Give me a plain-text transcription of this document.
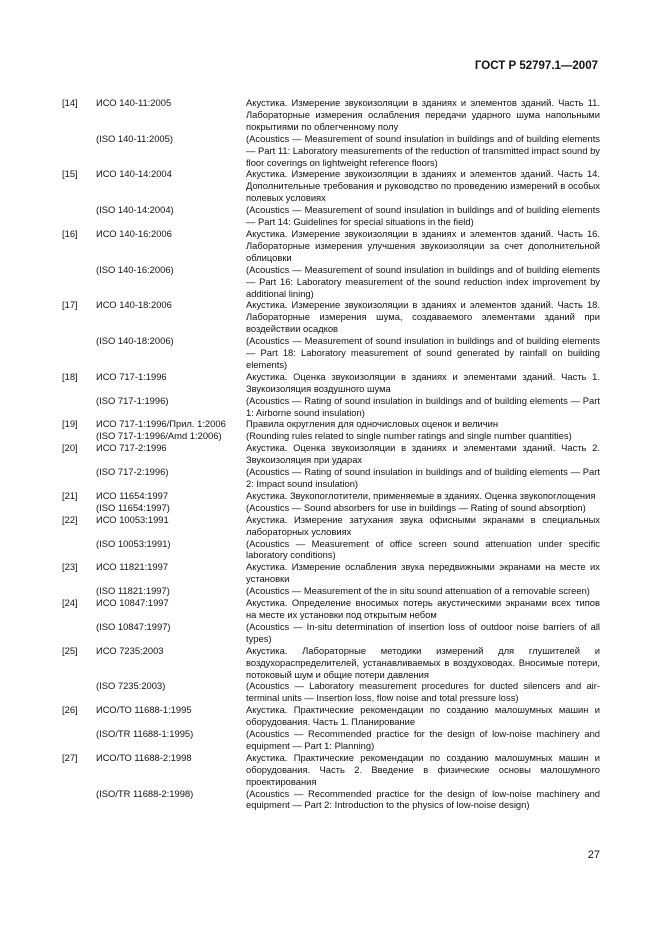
ГОСТ Р 52797.1—2007
[14]	ИСО 140-11:2005	Акустика. Измерение звукоизоляции в зданиях и элементов зданий. Часть 11. Лабораторные измерения ослабления передачи ударного шума напольными покрытиями по облегченному полу
(ISO 140-11:2005)	(Acoustics — Measurement of sound insulation in buildings and of building elements — Part 11: Laboratory measurements of the reduction of transmitted impact sound by floor coverings on lightweight reference floors)
[15]	ИСО 140-14:2004	Акустика. Измерение звукоизоляции в зданиях и элементов зданий. Часть 14. Дополнительные требования и руководство по проведению измерений в особых полевых условиях
(ISO 140-14:2004)	(Acoustics — Measurement of sound insulation in buildings and of building elements — Part 14: Guidelines for special situations in the field)
[16]	ИСО 140-16:2006	Акустика. Измерение звукоизоляции в зданиях и элементов зданий. Часть 16. Лабораторные измерения улучшения звукоизоляции за счет дополнительной облицовки
(ISO 140-16:2006)	(Acoustics — Measurement of sound insulation in buildings and of building elements — Part 16: Laboratory measurement of the sound reduction index improvement by additional lining)
[17]	ИСО 140-18:2006	Акустика. Измерение звукоизоляции в зданиях и элементов зданий. Часть 18. Лабораторные измерения шума, создаваемого элементами зданий при воздействии осадков
(ISO 140-18:2006)	(Acoustics — Measurement of sound insulation in buildings and of building elements — Part 18: Laboratory measurement of sound generated by rainfall on building elements)
[18]	ИСО 717-1:1996	Акустика. Оценка звукоизоляции в зданиях и элементами зданий. Часть 1. Звукоизоляция воздушного шума
(ISO 717-1:1996)	(Acoustics — Rating of sound insulation in buildings and of building elements — Part 1: Airborne sound insulation)
[19]	ИСО 717-1:1996/Прил. 1:2006	Правила округления для одночисловых оценок и величин
(ISO 717-1:1996/Amd 1:2006)	(Rounding rules related to single number ratings and single number quantities)
[20]	ИСО 717-2:1996	Акустика. Оценка звукоизоляции в зданиях и элементами зданий. Часть 2. Звукоизоляция при ударах
(ISO 717-2:1996)	(Acoustics — Rating of sound insulation in buildings and of building elements — Part 2: Impact sound insulation)
[21]	ИСО 11654:1997	Акустика. Звукопоглотители, применяемые в зданиях. Оценка звукопоглощения
(ISO 11654:1997)	(Acoustics — Sound absorbers for use in buildings — Rating of sound absorption)
[22]	ИСО 10053:1991	Акустика. Измерение затухания звука офисными экранами в специальных лабораторных условиях
(ISO 10053:1991)	(Acoustics — Measurement of office screen sound attenuation under specific laboratory conditions)
[23]	ИСО 11821:1997	Акустика. Измерение ослабления звука передвижными экранами на месте их установки
(ISO 11821:1997)	(Acoustics — Measurement of the in situ sound attenuation of a removable screen)
[24]	ИСО 10847:1997	Акустика. Определение вносимых потерь акустическими экранами всех типов на месте их установки под открытым небом
(ISO 10847:1997)	(Acoustics — In-situ determination of insertion loss of outdoor noise barriers of all types)
[25]	ИСО 7235:2003	Акустика. Лабораторные методики измерений для глушителей и воздухораспределителей, устанавливаемых в воздуховодах. Вносимые потери, потоковый шум и общие потери давления
(ISO 7235:2003)	(Acoustics — Laboratory measurement procedures for ducted silencers and air-terminal units — Insertion loss, flow noise and total pressure loss)
[26]	ИСО/ТО 11688-1:1995	Акустика. Практические рекомендации по созданию малошумных машин и оборудования. Часть 1. Планирование
(ISO/TR 11688-1:1995)	(Acoustics — Recommended practice for the design of low-noise machinery and equipment — Part 1: Planning)
[27]	ИСО/ТО 11688-2:1998	Акустика. Практические рекомендации по созданию малошумных машин и оборудования. Часть 2. Введение в физические основы малошумного проектирования
(ISO/TR 11688-2:1998)	(Acoustics — Recommended practice for the design of low-noise machinery and equipment — Part 2: Introduction to the physics of low-noise design)
27
